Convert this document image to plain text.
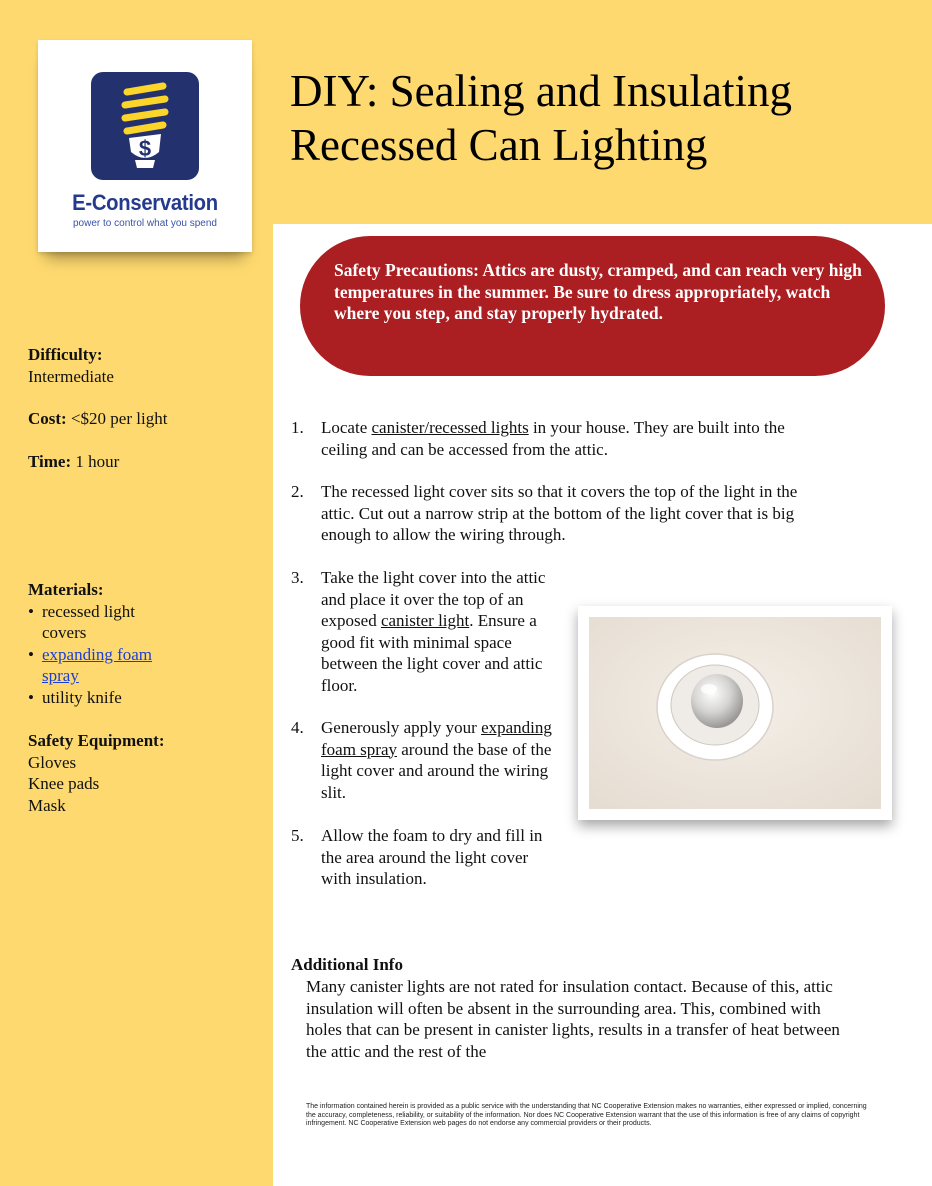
$
E-Conservation
power to control what you spend
DIY: Sealing and Insulating
Recessed Can Lighting
Safety Precautions: Attics are dusty, cramped, and can reach very high temperatures in the summer. Be sure to dress appropriately, watch where you step, and stay properly hydrated.
Difficulty:
Intermediate
Cost: <$20 per light
Time: 1 hour
Materials:
• recessed light covers
• expanding foam spray
• utility knife
Safety Equipment:
Gloves
Knee pads
Mask
1.	Locate canister/recessed lights in your house. They are built into the ceiling and can be accessed from the attic.
2.	The recessed light cover sits so that it covers the top of the light in the attic. Cut out a narrow strip at the bottom of the light cover that is big enough to allow the wiring through.
3.	Take the light cover into the attic and place it over the top of an exposed canister light. Ensure a good fit with minimal space between the light cover and attic floor.
4.	Generously apply your expanding foam spray around the base of the light cover and around the wiring slit.
5.	Allow the foam to dry and fill in the area around the light cover with insulation.
Additional Info
Many canister lights are not rated for insulation contact. Because of this, attic insulation will often be absent in the surrounding area. This, combined with holes that can be present in canister lights, results in a transfer of heat between the attic and the rest of the
The information contained herein is provided as a public service with the understanding that NC Cooperative Extension makes no warranties, either expressed or implied, concerning the accuracy, completeness, reliability, or suitability of the information. Nor does NC Cooperative Extension warrant that the use of this information is free of any claims of copyright infringement. NC Cooperative Extension web pages do not endorse any commercial providers or their products.
